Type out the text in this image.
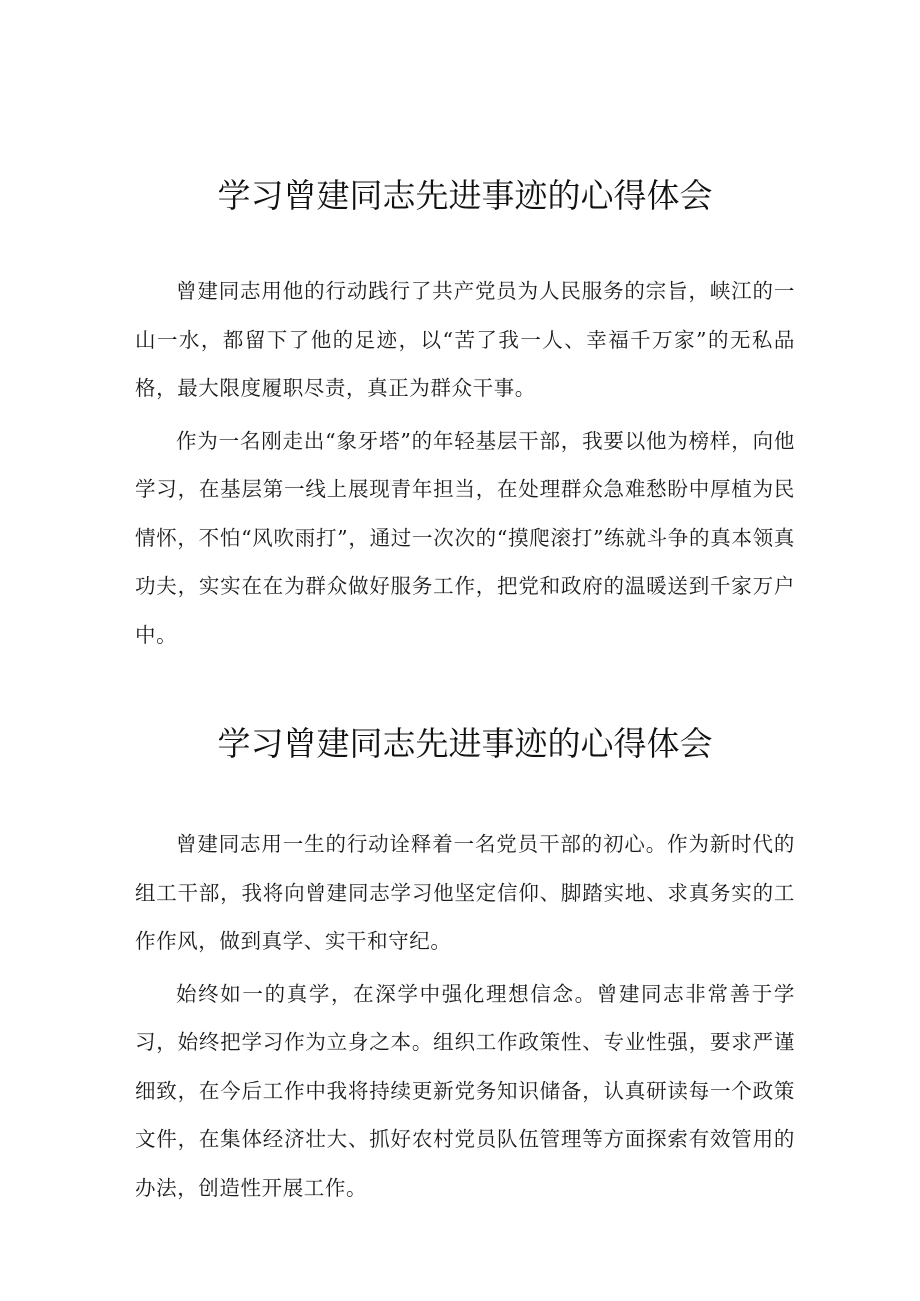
学习曾建同志先进事迹的心得体会

曾建同志用他的行动践行了共产党员为人民服务的宗旨，峡江的一山一水，都留下了他的足迹，以“苦了我一人、幸福千万家”的无私品格，最大限度履职尽责，真正为群众干事。

作为一名刚走出“象牙塔”的年轻基层干部，我要以他为榜样，向他学习，在基层第一线上展现青年担当，在处理群众急难愁盼中厚植为民情怀，不怕“风吹雨打”，通过一次次的“摸爬滚打”练就斗争的真本领真功夫，实实在在为群众做好服务工作，把党和政府的温暖送到千家万户中。

学习曾建同志先进事迹的心得体会

曾建同志用一生的行动诠释着一名党员干部的初心。作为新时代的组工干部，我将向曾建同志学习他坚定信仰、脚踏实地、求真务实的工作作风，做到真学、实干和守纪。

始终如一的真学，在深学中强化理想信念。曾建同志非常善于学习，始终把学习作为立身之本。组织工作政策性、专业性强，要求严谨细致，在今后工作中我将持续更新党务知识储备，认真研读每一个政策文件，在集体经济壮大、抓好农村党员队伍管理等方面探索有效管用的办法，创造性开展工作。
